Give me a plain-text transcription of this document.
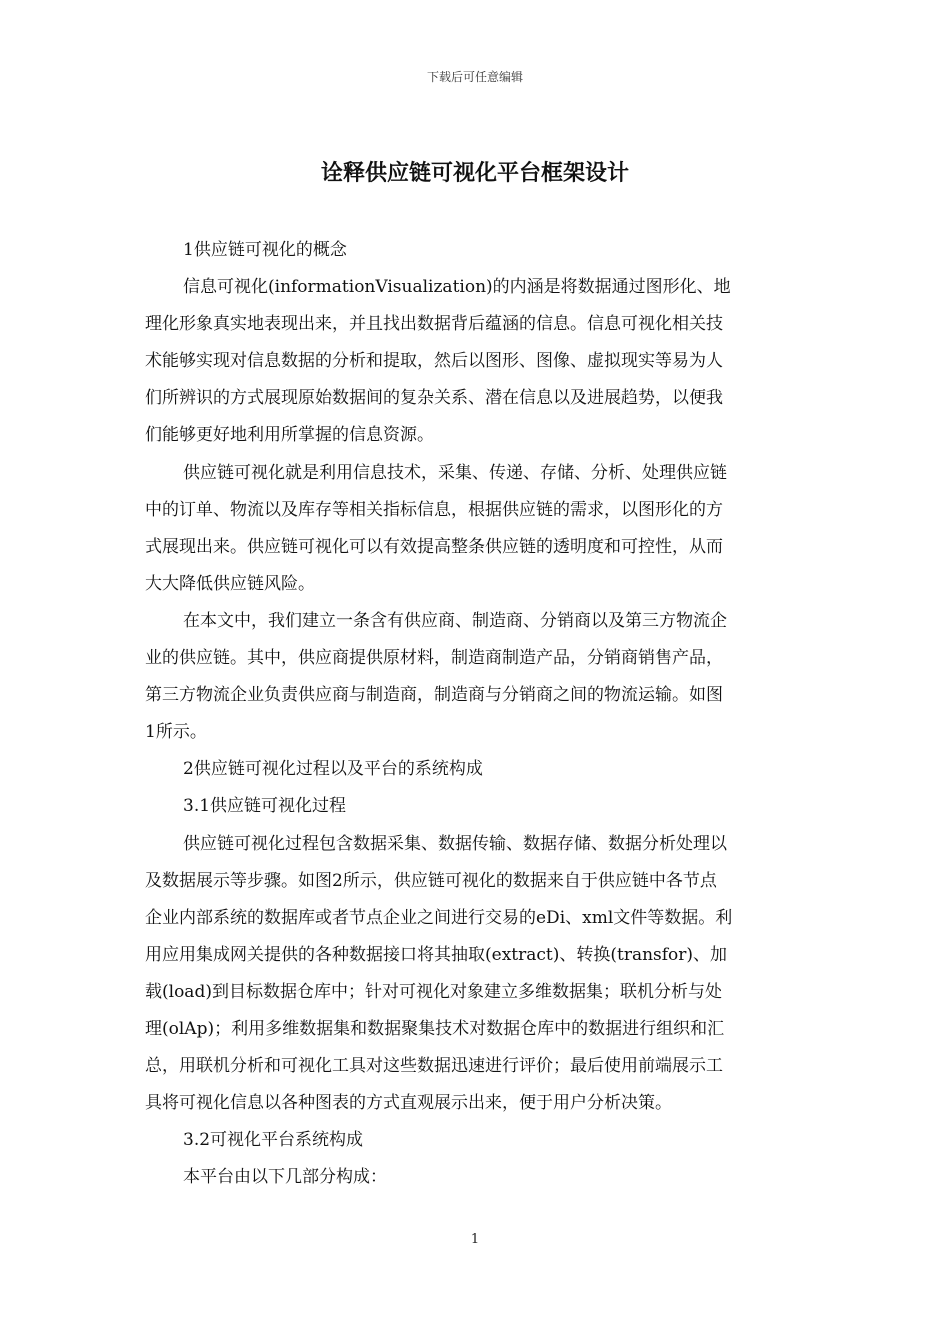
下载后可任意编辑
诠释供应链可视化平台框架设计
1供应链可视化的概念
信息可视化(informationVisualization)的内涵是将数据通过图形化、地
理化形象真实地表现出来，并且找出数据背后蕴涵的信息。信息可视化相关技
术能够实现对信息数据的分析和提取，然后以图形、图像、虚拟现实等易为人
们所辨识的方式展现原始数据间的复杂关系、潜在信息以及进展趋势，以便我
们能够更好地利用所掌握的信息资源。
供应链可视化就是利用信息技术，采集、传递、存储、分析、处理供应链
中的订单、物流以及库存等相关指标信息，根据供应链的需求，以图形化的方
式展现出来。供应链可视化可以有效提高整条供应链的透明度和可控性，从而
大大降低供应链风险。
在本文中，我们建立一条含有供应商、制造商、分销商以及第三方物流企
业的供应链。其中，供应商提供原材料，制造商制造产品，分销商销售产品，
第三方物流企业负责供应商与制造商，制造商与分销商之间的物流运输。如图
1所示。
2供应链可视化过程以及平台的系统构成
3.1供应链可视化过程
供应链可视化过程包含数据采集、数据传输、数据存储、数据分析处理以
及数据展示等步骤。如图2所示，供应链可视化的数据来自于供应链中各节点
企业内部系统的数据库或者节点企业之间进行交易的eDi、xml文件等数据。利
用应用集成网关提供的各种数据接口将其抽取(extract)、转换(transfor)、加
载(load)到目标数据仓库中；针对可视化对象建立多维数据集；联机分析与处
理(olAp)；利用多维数据集和数据聚集技术对数据仓库中的数据进行组织和汇
总，用联机分析和可视化工具对这些数据迅速进行评价；最后使用前端展示工
具将可视化信息以各种图表的方式直观展示出来，便于用户分析决策。
3.2可视化平台系统构成
本平台由以下几部分构成：
1
